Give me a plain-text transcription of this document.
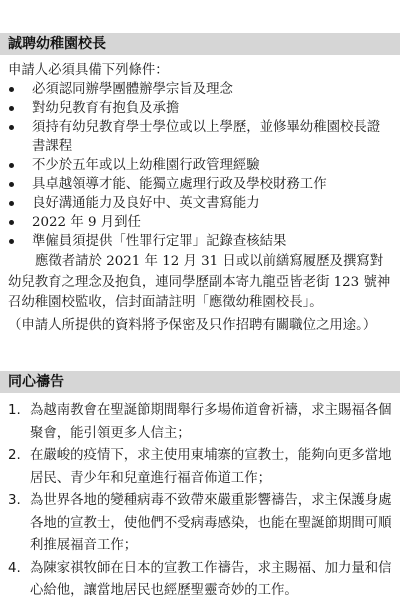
誠聘幼稚園校長
申請人必須具備下列條件：
必須認同辦學團體辦學宗旨及理念
對幼兒教育有抱負及承擔
須持有幼兒教育學士學位或以上學歷，並修畢幼稚園校長證書課程
不少於五年或以上幼稚園行政管理經驗
具卓越領導才能、能獨立處理行政及學校財務工作
良好溝通能力及良好中、英文書寫能力
2022 年 9 月到任
準僱員須提供「性罪行定罪」記錄查核結果
應徵者請於 2021 年 12 月 31 日或以前繕寫履歷及撰寫對幼兒教育之理念及抱負，連同學歷副本寄九龍亞皆老街 123 號神召幼稚園校監收，信封面請註明「應徵幼稚園校長」。
（申請人所提供的資料將予保密及只作招聘有關職位之用途。）
同心禱告
1. 為越南教會在聖誕節期間舉行多場佈道會祈禱，求主賜福各個聚會，能引領更多人信主；
2. 在嚴峻的疫情下，求主使用東埔寨的宣教士，能夠向更多當地居民、青少年和兒童進行福音佈道工作；
3. 為世界各地的變種病毒不致帶來嚴重影響禱告，求主保護身處各地的宣教士，使他們不受病毒感染，也能在聖誕節期間可順利推展福音工作；
4. 為陳家祺牧師在日本的宣教工作禱告，求主賜福、加力量和信心給他，讓當地居民也經歷聖靈奇妙的工作。
